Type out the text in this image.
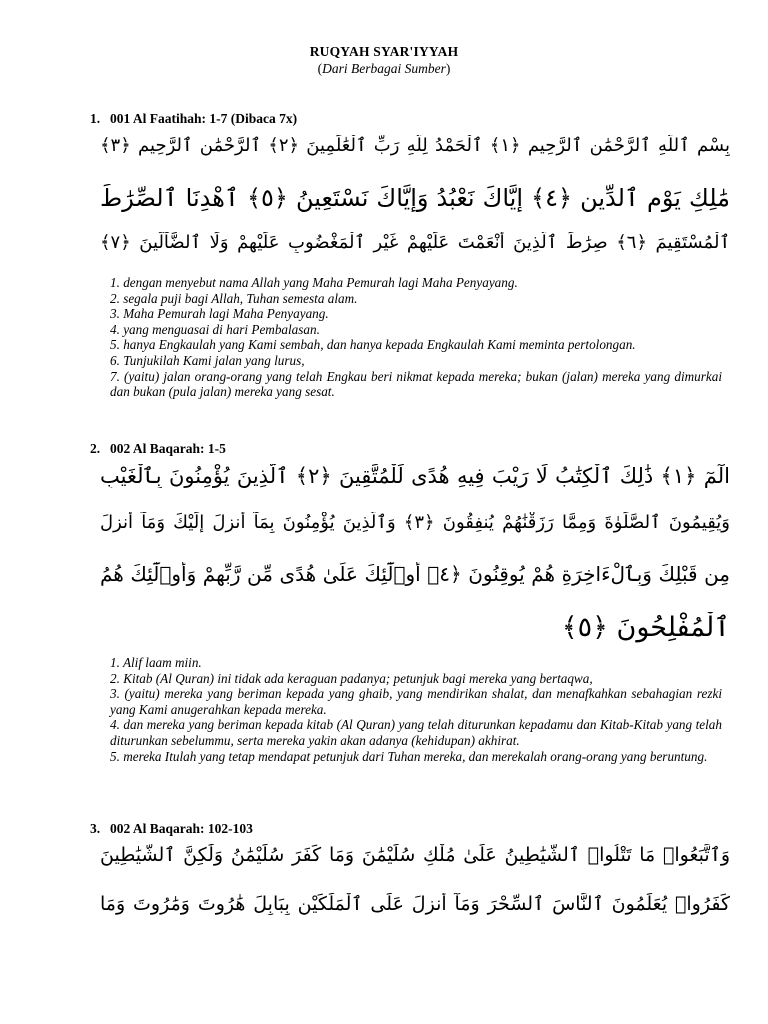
RUQYAH SYAR'IYYAH
(Dari Berbagai Sumber)
1. 001 Al Faatihah: 1-7 (Dibaca 7x)
بِسْمِ ٱللَّهِ ٱلرَّحْمَٰنِ ٱلرَّحِيمِ ﴿١﴾ ٱلْحَمْدُ لِلَّهِ رَبِّ ٱلْعَٰلَمِينَ ﴿٢﴾ ٱلرَّحْمَٰنِ ٱلرَّحِيمِ ﴿٣﴾
مَٰلِكِ يَوْمِ ٱلدِّينِ ﴿٤﴾ إِيَّاكَ نَعْبُدُ وَإِيَّاكَ نَسْتَعِينُ ﴿٥﴾ ٱهْدِنَا ٱلصِّرَٰطَ
ٱلْمُسْتَقِيمَ ﴿٦﴾ صِرَٰطَ ٱلَّذِينَ أَنْعَمْتَ عَلَيْهِمْ غَيْرِ ٱلْمَغْضُوبِ عَلَيْهِمْ وَلَا ٱلضَّآلِّينَ ﴿٧﴾

1. dengan menyebut nama Allah yang Maha Pemurah lagi Maha Penyayang.

2. segala puji bagi Allah, Tuhan semesta alam.

3. Maha Pemurah lagi Maha Penyayang.

4. yang menguasai di hari Pembalasan.

5. hanya Engkaulah yang Kami sembah, dan hanya kepada Engkaulah Kami meminta pertolongan.

6. Tunjukilah Kami jalan yang lurus,

7. (yaitu) jalan orang-orang yang telah Engkau beri nikmat kepada mereka; bukan (jalan) mereka yang dimurkai dan bukan (pula jalan) mereka yang sesat.

2. 002 Al Baqarah: 1-5
الٓمٓ ﴿١﴾ ذَٰلِكَ ٱلْكِتَٰبُ لَا رَيْبَ فِيهِ هُدًى لِّلْمُتَّقِينَ ﴿٢﴾ ٱلَّذِينَ يُؤْمِنُونَ بِٱلْغَيْبِ
وَيُقِيمُونَ ٱلصَّلَوٰةَ وَمِمَّا رَزَقْنَٰهُمْ يُنفِقُونَ ﴿٣﴾ وَٱلَّذِينَ يُؤْمِنُونَ بِمَآ أُنزِلَ إِلَيْكَ وَمَآ أُنزِلَ
مِن قَبْلِكَ وَبِٱلْءَاخِرَةِ هُمْ يُوقِنُونَ ﴿٤﴾ أُو۟لَٰٓئِكَ عَلَىٰ هُدًى مِّن رَّبِّهِمْ وَأُو۟لَٰٓئِكَ هُمُ
ٱلْمُفْلِحُونَ ﴿٥﴾

1. Alif laam miin.

2. Kitab (Al Quran) ini tidak ada keraguan padanya; petunjuk bagi mereka yang bertaqwa,

3. (yaitu) mereka yang beriman kepada yang ghaib, yang mendirikan shalat, dan menafkahkan sebahagian rezki yang Kami anugerahkan kepada mereka.

4. dan mereka yang beriman kepada kitab (Al Quran) yang telah diturunkan kepadamu dan Kitab-Kitab yang telah diturunkan sebelummu, serta mereka yakin akan adanya (kehidupan) akhirat.

5. mereka Itulah yang tetap mendapat petunjuk dari Tuhan mereka, dan merekalah orang-orang yang beruntung.

3. 002 Al Baqarah: 102-103
وَٱتَّبَعُوا۟ مَا تَتْلُوا۟ ٱلشَّيَٰطِينُ عَلَىٰ مُلْكِ سُلَيْمَٰنَ وَمَا كَفَرَ سُلَيْمَٰنُ وَلَٰكِنَّ ٱلشَّيَٰطِينَ
كَفَرُوا۟ يُعَلِّمُونَ ٱلنَّاسَ ٱلسِّحْرَ وَمَآ أُنزِلَ عَلَى ٱلْمَلَكَيْنِ بِبَابِلَ هَٰرُوتَ وَمَٰرُوتَ وَمَا
